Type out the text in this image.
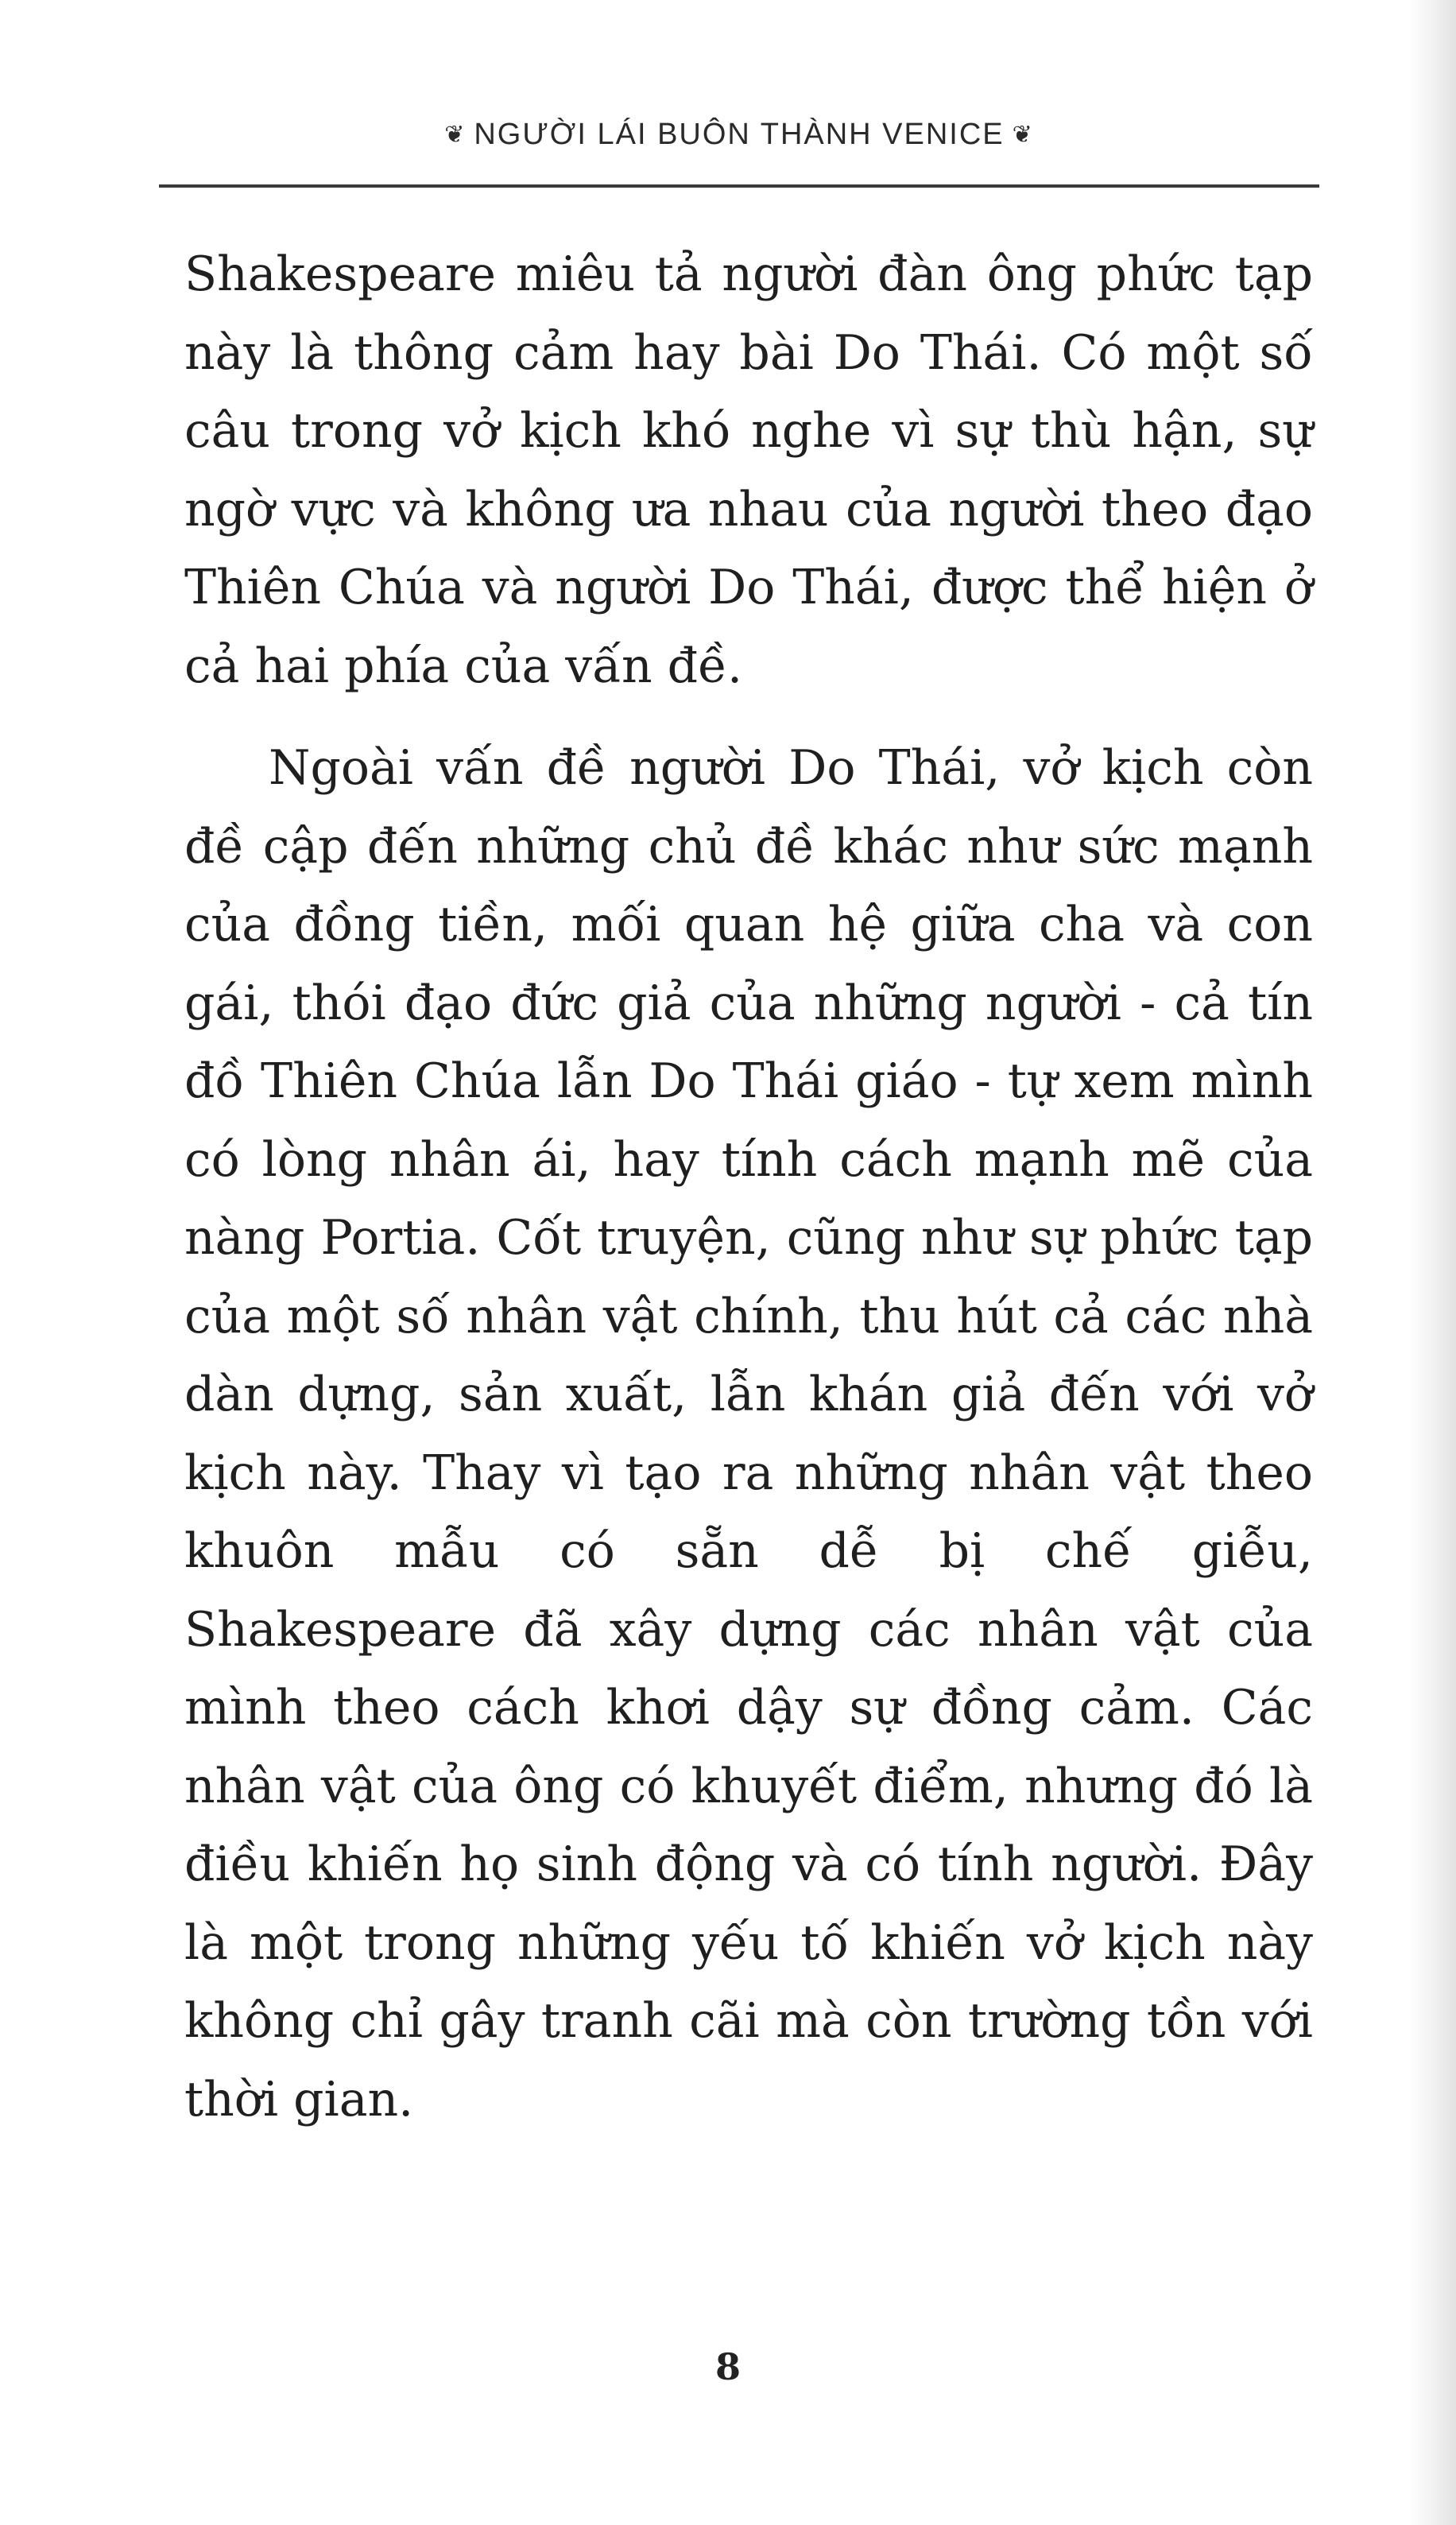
❦ NGƯỜI LÁI BUÔN THÀNH VENICE ❦

Shakespeare miêu tả người đàn ông phức tạp này là thông cảm hay bài Do Thái. Có một số câu trong vở kịch khó nghe vì sự thù hận, sự ngờ vực và không ưa nhau của người theo đạo Thiên Chúa và người Do Thái, được thể hiện ở cả hai phía của vấn đề.

Ngoài vấn đề người Do Thái, vở kịch còn đề cập đến những chủ đề khác như sức mạnh của đồng tiền, mối quan hệ giữa cha và con gái, thói đạo đức giả của những người - cả tín đồ Thiên Chúa lẫn Do Thái giáo - tự xem mình có lòng nhân ái, hay tính cách mạnh mẽ của nàng Portia. Cốt truyện, cũng như sự phức tạp của một số nhân vật chính, thu hút cả các nhà dàn dựng, sản xuất, lẫn khán giả đến với vở kịch này. Thay vì tạo ra những nhân vật theo khuôn mẫu có sẵn dễ bị chế giễu, Shakespeare đã xây dựng các nhân vật của mình theo cách khơi dậy sự đồng cảm. Các nhân vật của ông có khuyết điểm, nhưng đó là điều khiến họ sinh động và có tính người. Đây là một trong những yếu tố khiến vở kịch này không chỉ gây tranh cãi mà còn trường tồn với thời gian.

8
